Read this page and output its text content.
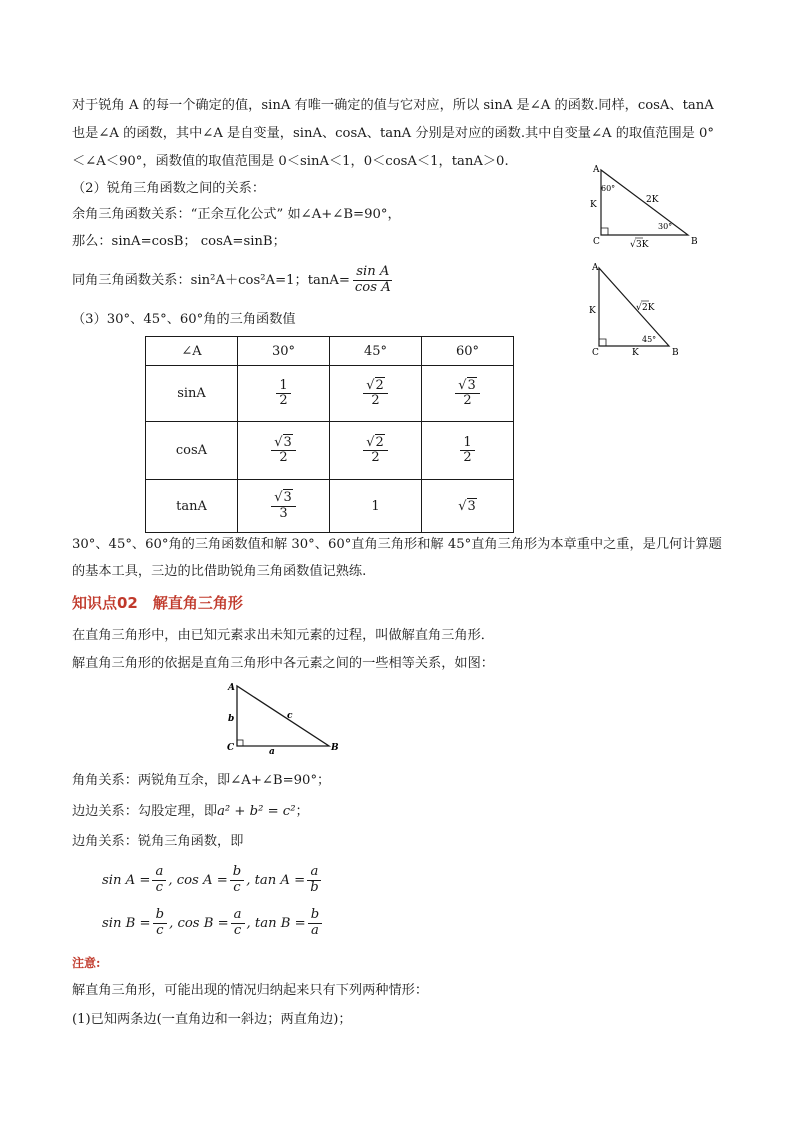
对于锐角 A 的每一个确定的值，sinA 有唯一确定的值与它对应，所以 sinA 是∠A 的函数.同样，cosA、tanA
也是∠A 的函数，其中∠A 是自变量，sinA、cosA、tanA 分别是对应的函数.其中自变量∠A 的取值范围是 0°
＜∠A＜90°，函数值的取值范围是 0＜sinA＜1，0＜cosA＜1，tanA＞0.
（2）锐角三角函数之间的关系：
余角三角函数关系：“正余互化公式” 如∠A+∠B=90°，
那么：sinA=cosB； cosA=sinB；
同角三角函数关系：sin²A＋cos²A=1；$\tan A= \frac{\text{sin A}}{\text{cos A}}$
（3）30°、45°、60°角的三角函数值
∠A	30°	45°	60°
sinA	$\frac{1}{2}$	$\frac{√2}{2}$	$\frac{√3}{2}$

cosA	$\frac{√3}{2}$	$\frac{√2}{2}$	$\frac{1}{2}$

tanA	$\frac{√3}{3}$	1	√3
A
B
C
60°
30°
2K
K
√ 3K
A
B
C
45°
√ 2K
K
K
30°、45°、60°角的三角函数值和解 30°、60°直角三角形和解 45°直角三角形为本章重中之重，是几何计算题
的基本工具，三边的比借助锐角三角函数值记熟练.
知识点02　解直角三角形
在直角三角形中，由已知元素求出未知元素的过程，叫做解直角三角形．
解直角三角形的依据是直角三角形中各元素之间的一些相等关系，如图：
A
B
C
b	c
a
角角关系：两锐角互余，即∠A+∠B=90°；
边边关系：勾股定理，即a² + b² = c²；
边角关系：锐角三角函数，即
$\sin A = \frac{a}{c}$ , $\cos A = \frac{b}{c}$ , $\tan A = \frac{a}{b}$
$\sin B = \frac{b}{c}$ , $\cos B = \frac{a}{c}$ , $\tan B = \frac{b}{a}$
注意:
解直角三角形，可能出现的情况归纳起来只有下列两种情形：
(1)已知两条边(一直角边和一斜边；两直角边)；
